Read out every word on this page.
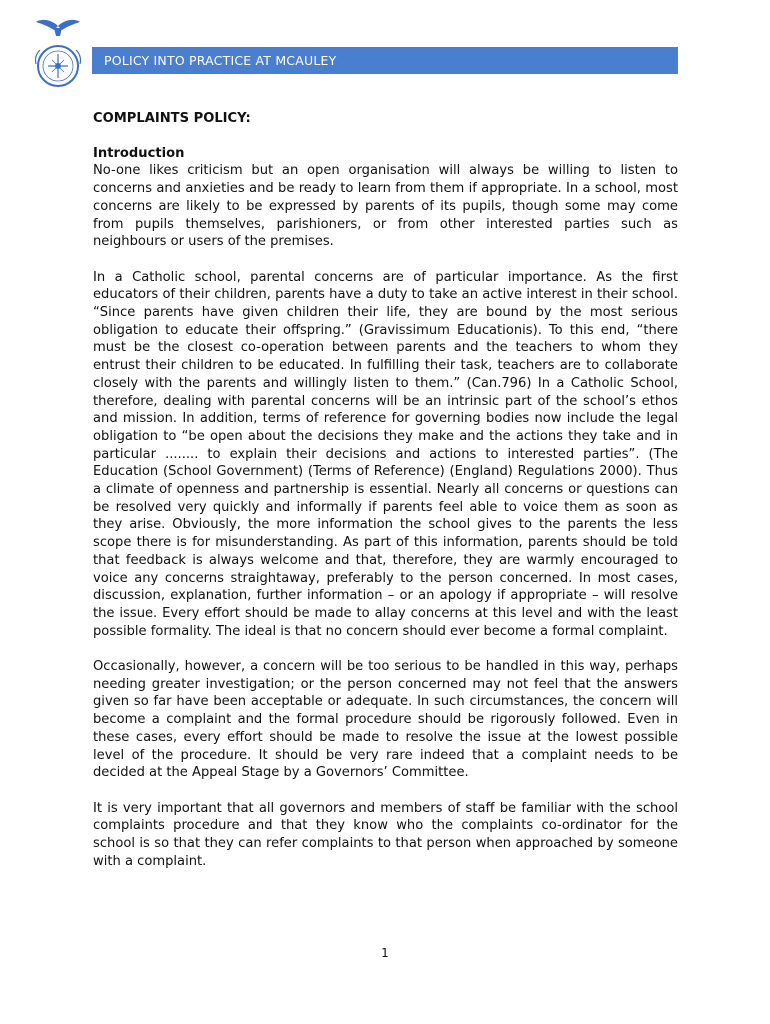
POLICY INTO PRACTICE AT MCAULEY

COMPLAINTS POLICY:

Introduction

No-one likes criticism but an open organisation will always be willing to listen to concerns and anxieties and be ready to learn from them if appropriate. In a school, most concerns are likely to be expressed by parents of its pupils, though some may come from pupils themselves, parishioners, or from other interested parties such as neighbours or users of the premises.

In a Catholic school, parental concerns are of particular importance. As the first educators of their children, parents have a duty to take an active interest in their school. “Since parents have given children their life, they are bound by the most serious obligation to educate their offspring.” (Gravissimum Educationis). To this end, “there must be the closest co-operation between parents and the teachers to whom they entrust their children to be educated. In fulfilling their task, teachers are to collaborate closely with the parents and willingly listen to them.” (Can.796) In a Catholic School, therefore, dealing with parental concerns will be an intrinsic part of the school’s ethos and mission. In addition, terms of reference for governing bodies now include the legal obligation to “be open about the decisions they make and the actions they take and in particular ........ to explain their decisions and actions to interested parties”. (The Education (School Government) (Terms of Reference) (England) Regulations 2000). Thus a climate of openness and partnership is essential. Nearly all concerns or questions can be resolved very quickly and informally if parents feel able to voice them as soon as they arise. Obviously, the more information the school gives to the parents the less scope there is for misunderstanding. As part of this information, parents should be told that feedback is always welcome and that, therefore, they are warmly encouraged to voice any concerns straightaway, preferably to the person concerned. In most cases, discussion, explanation, further information – or an apology if appropriate – will resolve the issue. Every effort should be made to allay concerns at this level and with the least possible formality. The ideal is that no concern should ever become a formal complaint.

Occasionally, however, a concern will be too serious to be handled in this way, perhaps needing greater investigation; or the person concerned may not feel that the answers given so far have been acceptable or adequate. In such circumstances, the concern will become a complaint and the formal procedure should be rigorously followed. Even in these cases, every effort should be made to resolve the issue at the lowest possible level of the procedure. It should be very rare indeed that a complaint needs to be decided at the Appeal Stage by a Governors’ Committee.

It is very important that all governors and members of staff be familiar with the school complaints procedure and that they know who the complaints co-ordinator for the school is so that they can refer complaints to that person when approached by someone with a complaint.

1
